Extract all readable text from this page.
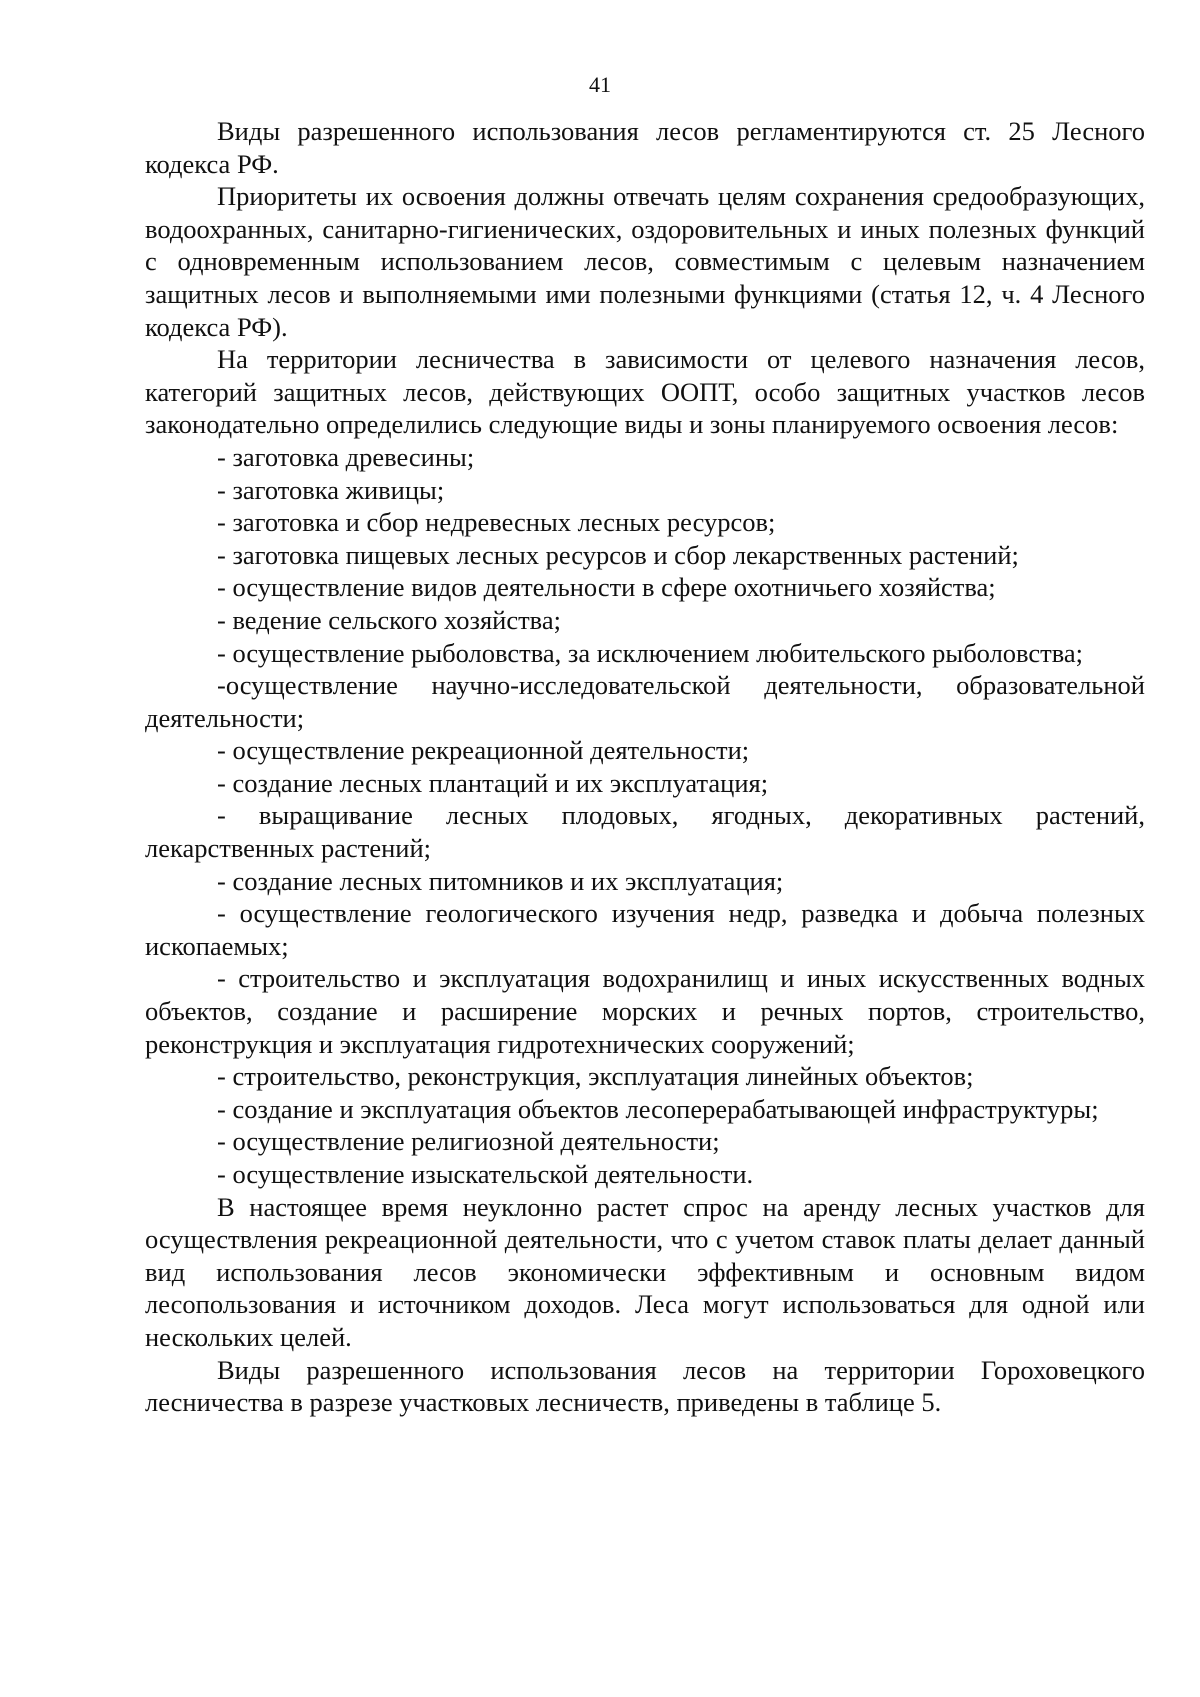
41

Виды разрешенного использования лесов регламентируются ст. 25 Лесного кодекса РФ.

Приоритеты их освоения должны отвечать целям сохранения средообразующих, водоохранных, санитарно-гигиенических, оздоровительных и иных полезных функций с одновременным использованием лесов, совместимым с целевым назначением защитных лесов и выполняемыми ими полезными функциями (статья 12, ч. 4 Лесного кодекса РФ).

На территории лесничества в зависимости от целевого назначения лесов, категорий защитных лесов, действующих ООПТ, особо защитных участков лесов законодательно определились следующие виды и зоны планируемого освоения лесов:

- заготовка древесины;

- заготовка живицы;

- заготовка и сбор недревесных лесных ресурсов;

- заготовка пищевых лесных ресурсов и сбор лекарственных растений;

- осуществление видов деятельности в сфере охотничьего хозяйства;

- ведение сельского хозяйства;

- осуществление рыболовства, за исключением любительского рыболовства;

-осуществление научно-исследовательской деятельности, образовательной деятельности;

- осуществление рекреационной деятельности;

- создание лесных плантаций и их эксплуатация;

- выращивание лесных плодовых, ягодных, декоративных растений, лекарственных растений;

- создание лесных питомников и их эксплуатация;

- осуществление геологического изучения недр, разведка и добыча полезных ископаемых;

- строительство и эксплуатация водохранилищ и иных искусственных водных объектов, создание и расширение морских и речных портов, строительство, реконструкция и эксплуатация гидротехнических сооружений;

- строительство, реконструкция, эксплуатация линейных объектов;

- создание и эксплуатация объектов лесоперерабатывающей инфраструктуры;

- осуществление религиозной деятельности;

- осуществление изыскательской деятельности.

В настоящее время неуклонно растет спрос на аренду лесных участков для осуществления рекреационной деятельности, что с учетом ставок платы делает данный вид использования лесов экономически эффективным и основным видом лесопользования и источником доходов. Леса могут использоваться для одной или нескольких целей.

Виды разрешенного использования лесов на территории Гороховецкого лесничества в разрезе участковых лесничеств, приведены в таблице 5.
